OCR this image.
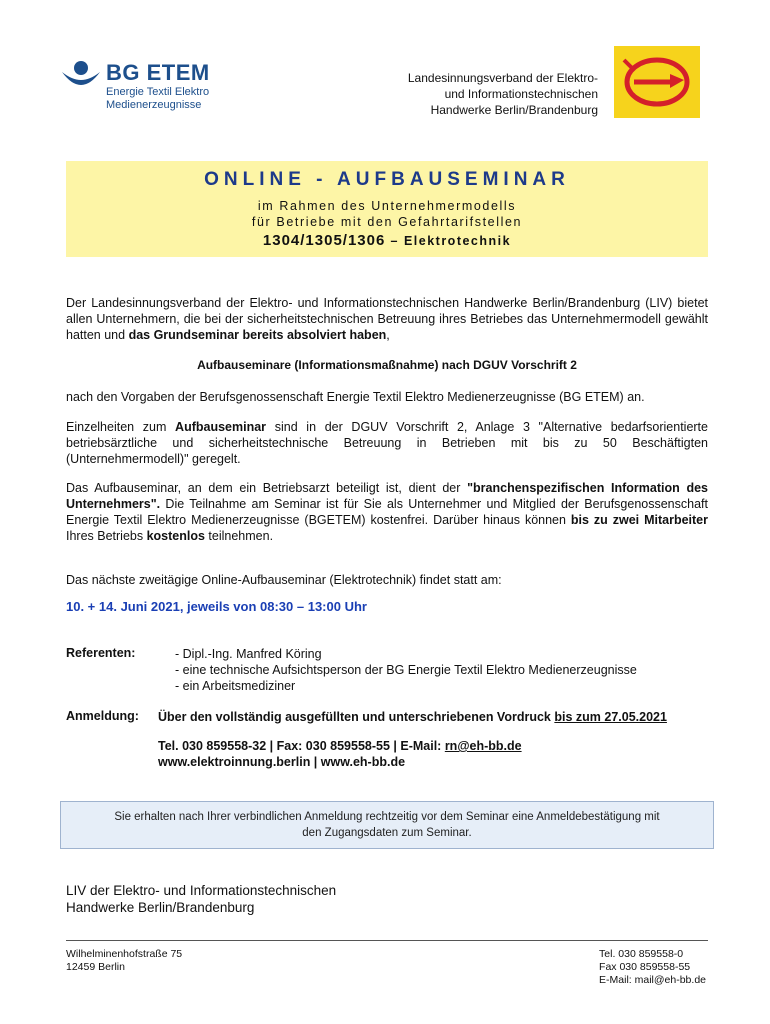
BG ETEM
Energie Textil Elektro
Medienerzeugnisse
Landesinnungsverband der Elektro-
und Informationstechnischen
Handwerke Berlin/Brandenburg
ONLINE - AUFBAUSEMINAR
im Rahmen des Unternehmermodells
für Betriebe mit den Gefahrtarifstellen
1304/1305/1306 – Elektrotechnik
Der Landesinnungsverband der Elektro- und Informationstechnischen Handwerke Berlin/Brandenburg (LIV) bietet allen Unternehmern, die bei der sicherheitstechnischen Betreuung ihres Betriebes das Unternehmermodell gewählt hatten und das Grundseminar bereits absolviert haben,
Aufbauseminare (Informationsmaßnahme) nach DGUV Vorschrift 2
nach den Vorgaben der Berufsgenossenschaft Energie Textil Elektro Medienerzeugnisse (BG ETEM) an.
Einzelheiten zum Aufbauseminar sind in der DGUV Vorschrift 2, Anlage 3 "Alternative bedarfsorientierte betriebsärztliche und sicherheitstechnische Betreuung in Betrieben mit bis zu 50 Beschäftigten (Unternehmermodell)" geregelt.
Das Aufbauseminar, an dem ein Betriebsarzt beteiligt ist, dient der "branchenspezifischen Information des Unternehmers". Die Teilnahme am Seminar ist für Sie als Unternehmer und Mitglied der Berufsgenossenschaft Energie Textil Elektro Medienerzeugnisse (BGETEM) kostenfrei. Darüber hinaus können bis zu zwei Mitarbeiter Ihres Betriebs kostenlos teilnehmen.
Das nächste zweitägige Online-Aufbauseminar (Elektrotechnik) findet statt am:
10. + 14. Juni 2021, jeweils von 08:30 – 13:00 Uhr
Referenten:	- Dipl.-Ing. Manfred Köring
- eine technische Aufsichtsperson der BG Energie Textil Elektro Medienerzeugnisse
- ein Arbeitsmediziner
Anmeldung: Über den vollständig ausgefüllten und unterschriebenen Vordruck bis zum 27.05.2021
Tel. 030 859558-32 | Fax: 030 859558-55 | E-Mail: rn@eh-bb.de
www.elektroinnung.berlin | www.eh-bb.de
Sie erhalten nach Ihrer verbindlichen Anmeldung rechtzeitig vor dem Seminar eine Anmeldebestätigung mit
den Zugangsdaten zum Seminar.
LIV der Elektro- und Informationstechnischen
Handwerke Berlin/Brandenburg
Wilhelminenhofstraße 75
12459 Berlin
Tel. 030 859558-0
Fax 030 859558-55
E-Mail: mail@eh-bb.de
